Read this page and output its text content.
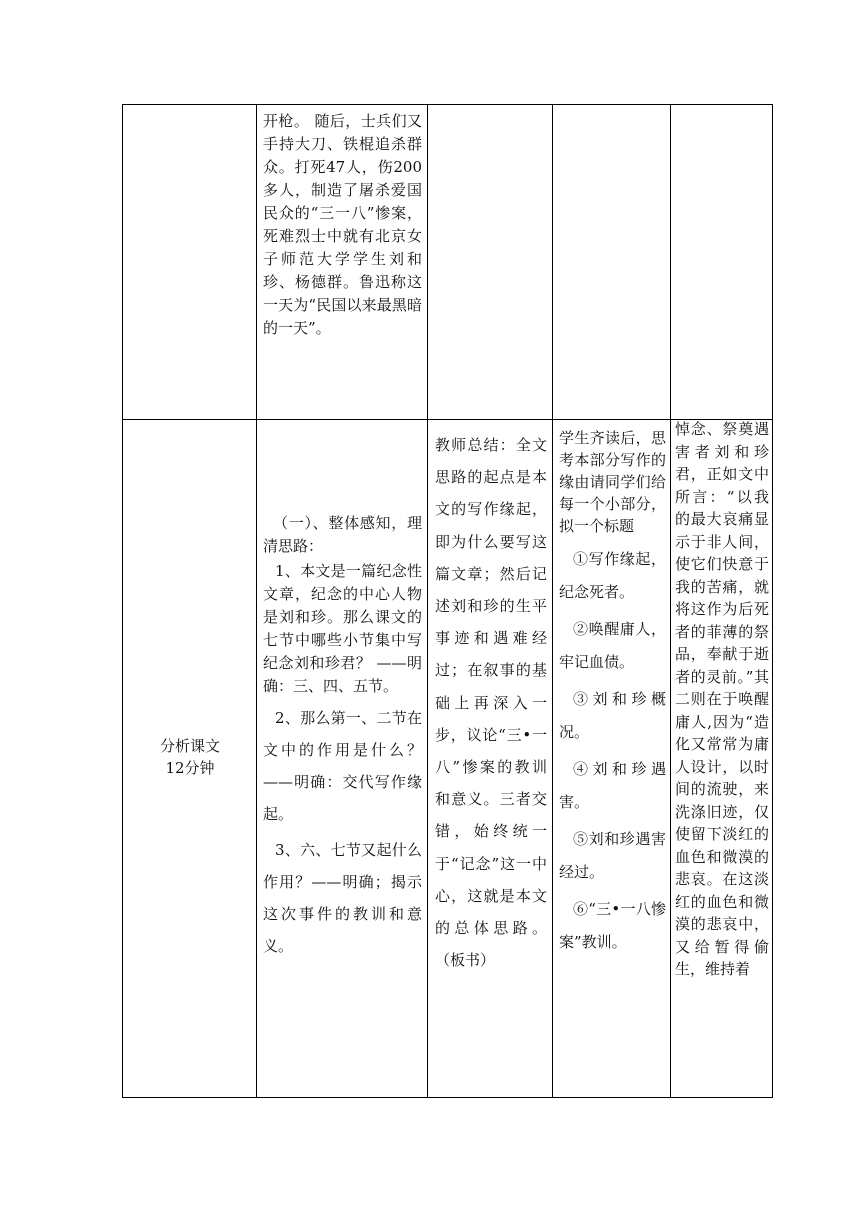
开枪。 随后，士兵们又手持大刀、铁棍追杀群众。打死47人，伤200多人，制造了屠杀爱国民众的“三一八”惨案，死难烈士中就有北京女子师范大学学生刘和珍、杨德群。鲁迅称这一天为“民国以来最黑暗的一天”。

分析课文
12分钟

（一）、整体感知，理清思路：

1、本文是一篇纪念性文章，纪念的中心人物是刘和珍。那么课文的七节中哪些小节集中写纪念刘和珍君？ ——明确：三、四、五节。

2、那么第一、二节在文中的作用是什么？——明确：交代写作缘起。

3、六、七节又起什么作用？——明确；揭示这次事件的教训和意义。

教师总结：全文思路的起点是本文的写作缘起，即为什么要写这篇文章；然后记述刘和珍的生平事迹和遇难经过；在叙事的基础上再深入一步，议论“三•一八”惨案的教训和意义。三者交错，始终统一于“记念”这一中心，这就是本文的总体思路。（板书）

学生齐读后，思考本部分写作的缘由请同学们给每一个小部分，拟一个标题

①写作缘起，纪念死者。

②唤醒庸人，牢记血债。

③刘和珍概况。

④刘和珍遇害。

⑤刘和珍遇害经过。

⑥“三•一八惨案”教训。

悼念、祭奠遇害者刘和珍君，正如文中所言：“以我的最大哀痛显示于非人间，使它们快意于我的苦痛，就将这作为后死者的菲薄的祭品，奉献于逝者的灵前。”其二则在于唤醒庸人,因为“造化又常常为庸人设计，以时间的流驶，来洗涤旧迹，仅使留下淡红的血色和微漠的悲哀。在这淡红的血色和微漠的悲哀中，又给暂得偷生，维持着
